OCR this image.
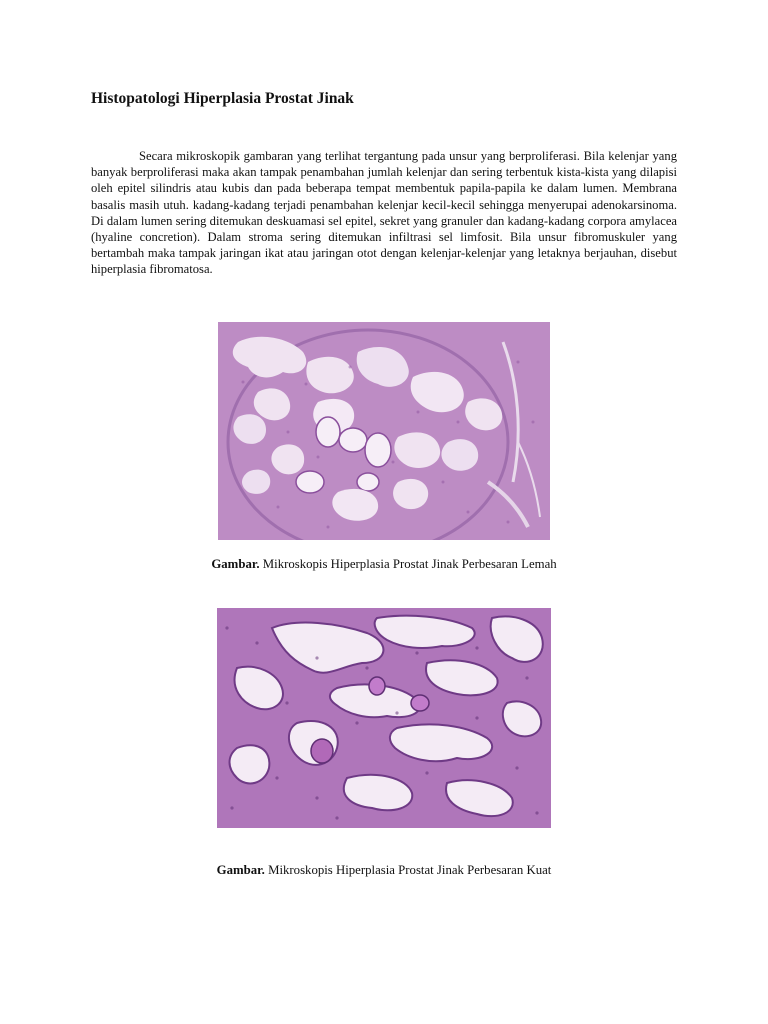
Histopatologi Hiperplasia Prostat Jinak

Secara mikroskopik gambaran yang terlihat tergantung pada unsur yang berproliferasi. Bila kelenjar yang banyak berproliferasi maka akan tampak penambahan jumlah kelenjar dan sering terbentuk kista-kista yang dilapisi oleh epitel silindris atau kubis dan pada beberapa tempat membentuk papila-papila ke dalam lumen. Membrana basalis masih utuh. kadang-kadang terjadi penambahan kelenjar kecil-kecil sehingga menyerupai adenokarsinoma. Di dalam lumen sering ditemukan deskuamasi sel epitel, sekret yang granuler dan kadang-kadang corpora amylacea (hyaline concretion). Dalam stroma sering ditemukan infiltrasi sel limfosit. Bila unsur fibromuskuler yang bertambah maka tampak jaringan ikat atau jaringan otot dengan kelenjar-kelenjar yang letaknya berjauhan, disebut hiperplasia fibromatosa.

Gambar. Mikroskopis Hiperplasia Prostat Jinak Perbesaran Lemah

Gambar. Mikroskopis Hiperplasia Prostat Jinak Perbesaran Kuat
